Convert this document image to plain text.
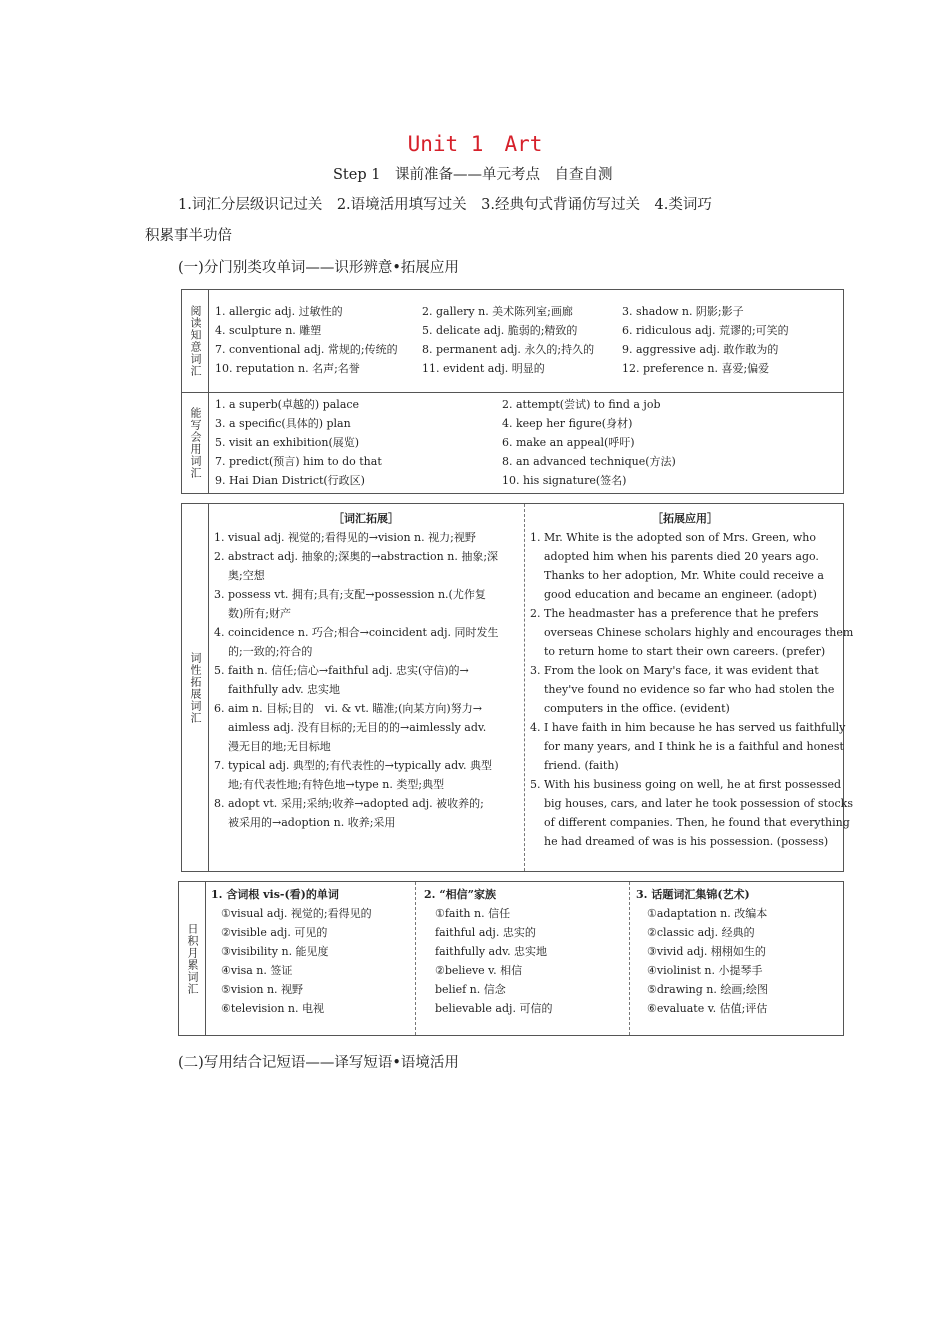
Unit 1　Art
Step 1　课前准备——单元考点　自查自测
1.词汇分层级识记过关　2.语境活用填写过关　3.经典句式背诵仿写过关　4.类词巧
积累事半功倍
(一)分门别类攻单词——识形辨意•拓展应用
阅读知意词汇
能写会用词汇
1. allergic adj. 过敏性的	2. gallery n. 美术陈列室;画廊	3. shadow n. 阴影;影子
4. sculpture n. 雕塑	5. delicate adj. 脆弱的;精致的	6. ridiculous adj. 荒谬的;可笑的
7. conventional adj. 常规的;传统的 8. permanent adj. 永久的;持久的	9. aggressive adj. 敢作敢为的
10. reputation n. 名声;名誉	11. evident adj. 明显的	12. preference n. 喜爱;偏爱
1. a superb(卓越的) palace	2. attempt(尝试) to find a job
3. a specific(具体的) plan	4. keep her figure(身材)
5. visit an exhibition(展览)	6. make an appeal(呼吁)
7. predict(预言) him to do that	8. an advanced technique(方法)
9. Hai Dian District(行政区)	10. his signature(签名)
词性拓展词汇
［词汇拓展］	［拓展应用］
1. visual adj. 视觉的;看得见的→vision n. 视力;视野
2. abstract adj. 抽象的;深奥的→abstraction n. 抽象;深
奥;空想
3. possess vt. 拥有;具有;支配→possession n.(尤作复
数)所有;财产
4. coincidence n. 巧合;相合→coincident adj. 同时发生
的;一致的;符合的
5. faith n. 信任;信心→faithful adj. 忠实(守信)的→
faithfully adv. 忠实地
6. aim n. 目标;目的　vi. & vt. 瞄准;(向某方向)努力→
aimless adj. 没有目标的;无目的的→aimlessly adv.
漫无目的地;无目标地
7. typical adj. 典型的;有代表性的→typically adv. 典型
地;有代表性地;有特色地→type n. 类型;典型
8. adopt vt. 采用;采纳;收养→adopted adj. 被收养的;
被采用的→adoption n. 收养;采用
1. Mr. White is the adopted son of Mrs. Green, who
adopted him when his parents died 20 years ago.
Thanks to her adoption, Mr. White could receive a
good education and became an engineer. (adopt)
2. The headmaster has a preference that he prefers
overseas Chinese scholars highly and encourages them
to return home to start their own careers. (prefer)
3. From the look on Mary's face, it was evident that
they've found no evidence so far who had stolen the
computers in the office. (evident)
4. I have faith in him because he has served us faithfully
for many years, and I think he is a faithful and honest
friend. (faith)
5. With his business going on well, he at first possessed
big houses, cars, and later he took possession of stocks
of different companies. Then, he found that everything
he had dreamed of was is his possession. (possess)
日积月累词汇
1. 含词根 vis-(看)的单词	2. “相信”家族	3. 话题词汇集锦(艺术)
①visual adj. 视觉的;看得见的
②visible adj. 可见的
③visibility n. 能见度
④visa n. 签证
⑤vision n. 视野
⑥television n. 电视
①faith n. 信任
faithful adj. 忠实的
faithfully adv. 忠实地
②believe v. 相信
belief n. 信念
believable adj. 可信的
①adaptation n. 改编本
②classic adj. 经典的
③vivid adj. 栩栩如生的
④violinist n. 小提琴手
⑤drawing n. 绘画;绘图
⑥evaluate v. 估值;评估
(二)写用结合记短语——译写短语•语境活用
